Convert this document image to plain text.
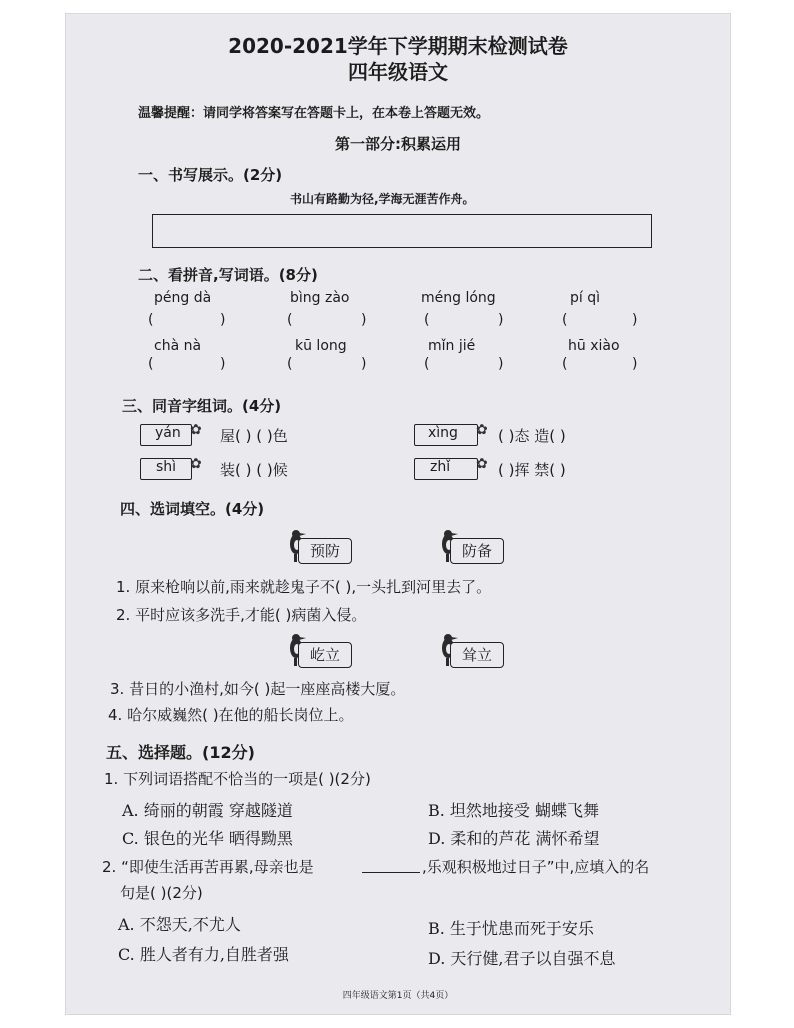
2020-2021学年下学期期末检测试卷
四年级语文
温馨提醒：请同学将答案写在答题卡上，在本卷上答题无效。
第一部分:积累运用
一、书写展示。(2分)
书山有路勤为径,学海无涯苦作舟。
二、看拼音,写词语。(8分)
péng dà	bìng zào	méng lóng	pí qì
(	)	(	)	(	)	(	)
chà nà	kū long	mǐn jié	hū xiào
(	)	(	)	(	)	(	)
三、同音字组词。(4分)
yán ✿ 屋( ) ( )色	xìng ✿ ( )态 造( )
shì ✿ 装( ) ( )候	zhǐ ✿ ( )挥 禁( )
四、选词填空。(4分)
预防	防备
1. 原来枪响以前,雨来就趁鬼子不( ),一头扎到河里去了。
2. 平时应该多洗手,才能( )病菌入侵。
屹立	耸立
3. 昔日的小渔村,如今( )起一座座高楼大厦。
4. 哈尔威巍然( )在他的船长岗位上。
五、选择题。(12分)
1. 下列词语搭配不恰当的一项是( )(2分)
A. 绮丽的朝霞 穿越隧道	B. 坦然地接受 蝴蝶飞舞
C. 银色的光华 晒得黝黑	D. 柔和的芦花 满怀希望
2. “即使生活再苦再累,母亲也是	,乐观积极地过日子”中,应填入的名
句是( )(2分)
A. 不怨天,不尤人	B. 生于忧患而死于安乐
C. 胜人者有力,自胜者强	D. 天行健,君子以自强不息
四年级语文第1页（共4页）
